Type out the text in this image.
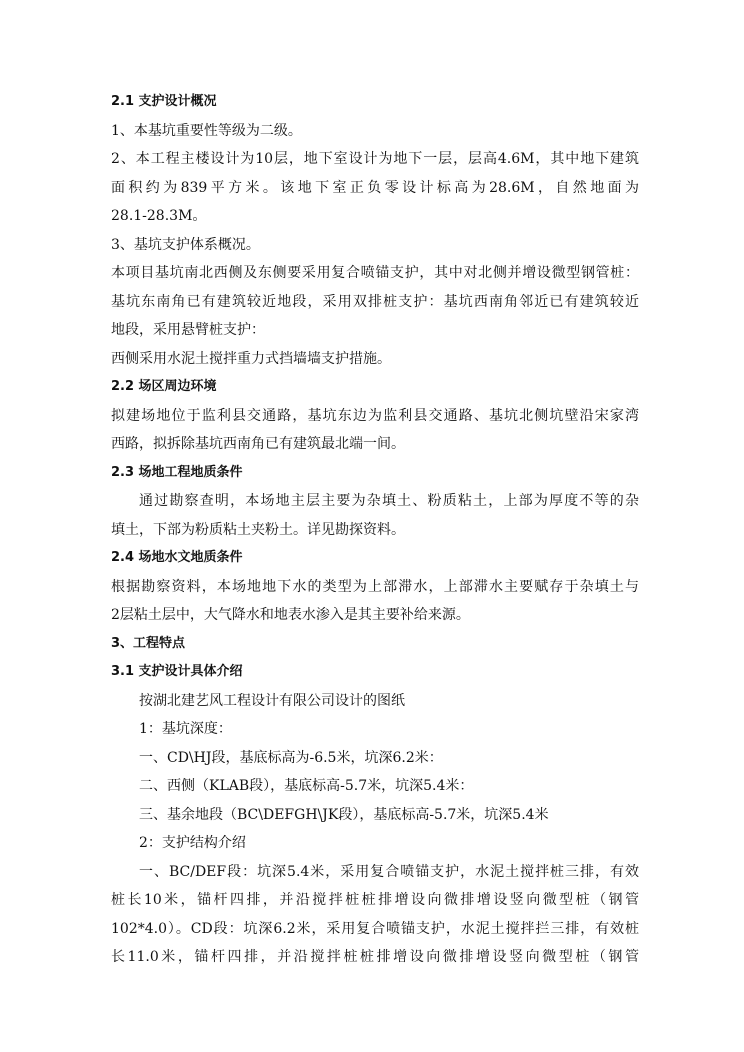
2.1 支护设计概况
1、本基坑重要性等级为二级。
2、本工程主楼设计为10层，地下室设计为地下一层，层高4.6M，其中地下建筑
面积约为839平方米。该地下室正负零设计标高为28.6M，自然地面为
28.1-28.3M。
3、基坑支护体系概况。
本项目基坑南北西侧及东侧要采用复合喷锚支护，其中对北侧并增设微型钢管桩：
基坑东南角已有建筑较近地段，采用双排桩支护：基坑西南角邻近已有建筑较近
地段，采用悬臂桩支护：
西侧采用水泥土搅拌重力式挡墙墙支护措施。
2.2 场区周边环境
拟建场地位于监利县交通路，基坑东边为监利县交通路、基坑北侧坑壁沿宋家湾
西路，拟拆除基坑西南角已有建筑最北端一间。
2.3 场地工程地质条件
通过勘察查明，本场地主层主要为杂填土、粉质粘土，上部为厚度不等的杂
填土，下部为粉质粘土夹粉土。详见勘探资料。
2.4 场地水文地质条件
根据勘察资料，本场地地下水的类型为上部滞水，上部滞水主要赋存于杂填土与
2层粘土层中，大气降水和地表水渗入是其主要补给来源。
3、工程特点
3.1 支护设计具体介绍
按湖北建艺风工程设计有限公司设计的图纸
1：基坑深度：
一、CD\HJ段，基底标高为-6.5米，坑深6.2米：
二、西侧（KLAB段），基底标高-5.7米，坑深5.4米：
三、基余地段（BC\DEFGH\JK段），基底标高-5.7米，坑深5.4米
2：支护结构介绍
一、BC/DEF段：坑深5.4米，采用复合喷锚支护，水泥土搅拌桩三排，有效
桩长10米，锚杆四排，并沿搅拌桩桩排增设向微排增设竖向微型桩（钢管
102*4.0）。CD段：坑深6.2米，采用复合喷锚支护，水泥土搅拌拦三排，有效桩
长11.0米，锚杆四排，并沿搅拌桩桩排增设向微排增设竖向微型桩（钢管
